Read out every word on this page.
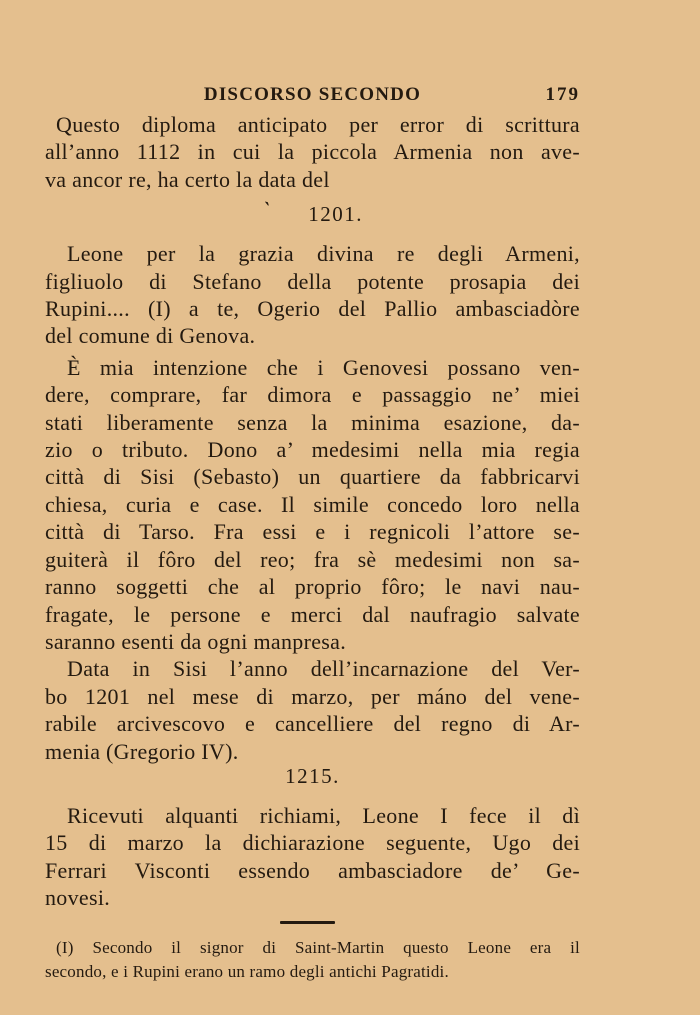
DISCORSO SECONDO	179
Questo diploma anticipato per error di scrittura
all’anno 1112 in cui la piccola Armenia non ave-
va ancor re, ha certo la data del
` 1201.
Leone per la grazia divina re degli Armeni,
figliuolo di Stefano della potente prosapia dei
Rupini.... (I) a te, Ogerio del Pallio ambasciadòre
del comune di Genova.
È mia intenzione che i Genovesi possano ven-
dere, comprare, far dimora e passaggio ne’ miei
stati liberamente senza la minima esazione, da-
zio o tributo. Dono a’ medesimi nella mia regia
città di Sisi (Sebasto) un quartiere da fabbricarvi
chiesa, curia e case. Il simile concedo loro nella
città di Tarso. Fra essi e i regnicoli l’attore se-
guiterà il fôro del reo; fra sè medesimi non sa-
ranno soggetti che al proprio fôro; le navi nau-
fragate, le persone e merci dal naufragio salvate
saranno esenti da ogni manpresa.
Data in Sisi l’anno dell’incarnazione del Ver-
bo 1201 nel mese di marzo, per máno del vene-
rabile arcivescovo e cancelliere del regno di Ar-
menia (Gregorio IV).
1215.
Ricevuti alquanti richiami, Leone I fece il dì
15 di marzo la dichiarazione seguente, Ugo dei
Ferrari Visconti essendo ambasciadore de’ Ge-
novesi.
(I) Secondo il signor di Saint-Martin questo Leone era il
secondo, e i Rupini erano un ramo degli antichi Pagratidi.
